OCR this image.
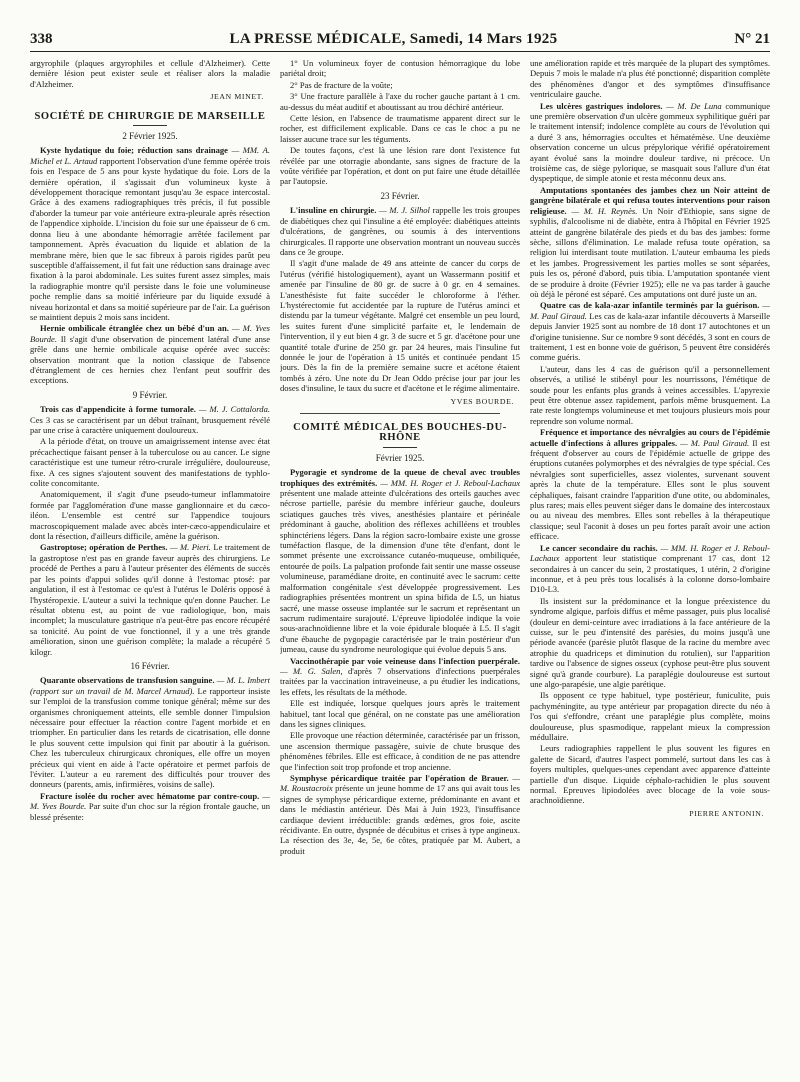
338	LA PRESSE MÉDICALE, Samedi, 14 Mars 1925	N° 21

argyrophile (plaques argyrophiles et cellule d'Alzheimer). Cette dernière lésion peut exister seule et réaliser alors la maladie d'Alzheimer.

JEAN MINET.

SOCIÉTÉ DE CHIRURGIE DE MARSEILLE

2 Février 1925.

Kyste hydatique du foie; réduction sans drainage — MM. A. Michel et L. Artaud rapportent l'observation d'une femme opérée trois fois en l'espace de 5 ans pour kyste hydatique du foie. Lors de la dernière opération, il s'agissait d'un volumineux kyste à développement thoracique remontant jusqu'au 3e espace intercostal. Grâce à des examens radiographiques très précis, il fut possible d'aborder la tumeur par voie antérieure extra-pleurale après résection de l'appendice xiphoïde. L'incision du foie sur une épaisseur de 6 cm. donna lieu à une abondante hémorragie arrêtée facilement par tamponnement. Après évacuation du liquide et ablation de la membrane mère, bien que le sac fibreux à parois rigides parût peu susceptible d'affaissement, il fut fait une réduction sans drainage avec fixation à la paroi abdominale. Les suites furent assez simples, mais la radiographie montre qu'il persiste dans le foie une volumineuse poche remplie dans sa moitié inférieure par du liquide exsudé à niveau horizontal et dans sa moitié supérieure par de l'air. La guérison se maintient depuis 2 mois sans incident.

Hernie ombilicale étranglée chez un bébé d'un an. — M. Yves Bourde. Il s'agit d'une observation de pincement latéral d'une anse grêle dans une hernie ombilicale acquise opérée avec succès: observation montrant que la notion classique de l'absence d'étranglement de ces hernies chez l'enfant peut souffrir des exceptions.

9 Février.

Trois cas d'appendicite à forme tumorale. — M. J. Cottalorda. Ces 3 cas se caractérisent par un début traînant, brusquement révélé par une crise à caractère uniquement douloureux.

A la période d'état, on trouve un amaigrissement intense avec état précachectique faisant penser à la tuberculose ou au cancer. Le signe caractéristique est une tumeur rétro-crurale irrégulière, douloureuse, fixe. A ces signes s'ajoutent souvent des manifestations de typhlo-colite concomitante.

Anatomiquement, il s'agit d'une pseudo-tumeur inflammatoire formée par l'agglomération d'une masse ganglionnaire et du cæco-iléon. L'ensemble est centré sur l'appendice toujours macroscopiquement malade avec abcès inter-cæco-appendiculaire et dont la résection, d'ailleurs difficile, amène la guérison.

Gastroptose; opération de Perthes. — M. Pieri. Le traitement de la gastroptose n'est pas en grande faveur auprès des chirurgiens. Le procédé de Perthes a paru à l'auteur présenter des éléments de succès par les points d'appui solides qu'il donne à l'estomac ptosé: par angulation, il est à l'estomac ce qu'est à l'utérus le Doléris opposé à l'hystéropexie. L'auteur a suivi la technique qu'en donne Paucher. Le résultat obtenu est, au point de vue radiologique, bon, mais incomplet; la musculature gastrique n'a peut-être pas encore récupéré sa tonicité. Au point de vue fonctionnel, il y a une très grande amélioration, sinon une guérison complète; la malade a récupéré 5 kilogr.

16 Février.

Quarante observations de transfusion sanguine. — M. L. Imbert (rapport sur un travail de M. Marcel Arnaud). Le rapporteur insiste sur l'emploi de la transfusion comme tonique général; même sur des organismes chroniquement atteints, elle semble donner l'impulsion nécessaire pour effectuer la réaction contre l'agent morbide et en triompher. En particulier dans les retards de cicatrisation, elle donne le plus souvent cette impulsion qui finit par aboutir à la guérison. Chez les tuberculeux chirurgicaux chroniques, elle offre un moyen précieux qui vient en aide à l'acte opératoire et permet parfois de l'éviter. L'auteur a eu rarement des difficultés pour trouver des donneurs (parents, amis, infirmières, voisins de salle).

Fracture isolée du rocher avec hématome par contre-coup. — M. Yves Bourde. Par suite d'un choc sur la région frontale gauche, un blessé présente:

1° Un volumineux foyer de contusion hémorragique du lobe pariétal droit;
2° Pas de fracture de la voûte;
3° Une fracture parallèle à l'axe du rocher gauche partant à 1 cm. au-dessus du méat auditif et aboutissant au trou déchiré antérieur.

Cette lésion, en l'absence de traumatisme apparent direct sur le rocher, est difficilement explicable. Dans ce cas le choc a pu ne laisser aucune trace sur les téguments.

De toutes façons, c'est là une lésion rare dont l'existence fut révélée par une otorragie abondante, sans signes de fracture de la voûte vérifiée par l'opération, et dont on put faire une étude détaillée par l'autopsie.

23 Février.

L'insuline en chirurgie. — M. J. Silhol rappelle les trois groupes de diabétiques chez qui l'insuline a été employée: diabétiques atteints d'ulcérations, de gangrènes, ou soumis à des interventions chirurgicales. Il rapporte une observation montrant un nouveau succès dans ce 3e groupe.

Il s'agit d'une malade de 49 ans atteinte de cancer du corps de l'utérus (vérifié histologiquement), ayant un Wassermann positif et amenée par l'insuline de 80 gr. de sucre à 0 gr. en 4 semaines. L'anesthésiste fut faite succéder le chloroforme à l'éther. L'hystérectomie fut accidentée par la rupture de l'utérus aminci et distendu par la tumeur végétante. Malgré cet ensemble un peu lourd, les suites furent d'une simplicité parfaite et, le lendemain de l'intervention, il y eut bien 4 gr. 3 de sucre et 5 gr. d'acétone pour une quantité totale d'urine de 250 gr. par 24 heures, mais l'insuline fut donnée le jour de l'opération à 15 unités et continuée pendant 15 jours. Dès la fin de la première semaine sucre et acétone étaient tombés à zéro. Une note du Dr Jean Oddo précise jour par jour les doses d'insuline, le taux du sucre et d'acétone et le régime alimentaire.

YVES BOURDE.

COMITÉ MÉDICAL DES BOUCHES-DU-RHÔNE

Février 1925.

Pygoragie et syndrome de la queue de cheval avec troubles trophiques des extrémités. — MM. H. Roger et J. Reboul-Lachaux présentent une malade atteinte d'ulcérations des orteils gauches avec nécrose partielle, parésie du membre inférieur gauche, douleurs sciatiques gauches très vives, anesthésies plantaire et périnéale prédominant à gauche, abolition des réflexes achilléens et troubles sphinctériens légers. Dans la région sacro-lombaire existe une grosse tuméfaction flasque, de la dimension d'une tête d'enfant, dont le sommet présente une excroissance cutanéo-muqueuse, ombiliquée, entourée de poils. La palpation profonde fait sentir une masse osseuse volumineuse, paramédiane droite, en continuité avec le sacrum: cette malformation congénitale s'est développée progressivement. Les radiographies présentées montrent un spina bifida de L5, un hiatus sacré, une masse osseuse implantée sur le sacrum et représentant un sacrum rudimentaire surajouté. L'épreuve lipiodolée indique la voie sous-arachnoïdienne libre et la voie épidurale bloquée à L5. Il s'agit d'une ébauche de pygopagie caractérisée par le train postérieur d'un jumeau, cause du syndrome neurologique qui évolue depuis 5 ans.

Vaccinothérapie par voie veineuse dans l'infection puerpérale. — M. G. Salen, d'après 7 observations d'infections puerpérales traitées par la vaccination intraveineuse, a pu étudier les indications, les effets, les résultats de la méthode.

Elle est indiquée, lorsque quelques jours après le traitement habituel, tant local que général, on ne constate pas une amélioration dans les signes cliniques.

Elle provoque une réaction déterminée, caractérisée par un frisson, une ascension thermique passagère, suivie de chute brusque des phénomènes fébriles. Elle est efficace, à condition de ne pas attendre que l'infection soit trop profonde et trop ancienne.

Symphyse péricardique traitée par l'opération de Brauer. — M. Roustacroix présente un jeune homme de 17 ans qui avait tous les signes de symphyse péricardique externe, prédominante en avant et dans le médiastin antérieur. Dès Mai à Juin 1923, l'insuffisance cardiaque devient irréductible: grands œdèmes, gros foie, ascite récidivante. En outre, dyspnée de décubitus et crises à type angineux. La résection des 3e, 4e, 5e, 6e côtes, pratiquée par M. Aubert, a produit

une amélioration rapide et très marquée de la plupart des symptômes. Depuis 7 mois le malade n'a plus été ponctionné; disparition complète des phénomènes d'angor et des symptômes d'insuffisance ventriculaire gauche.

Les ulcères gastriques indolores. — M. De Luna communique une première observation d'un ulcère gommeux syphilitique guéri par le traitement intensif; indolence complète au cours de l'évolution qui a duré 3 ans, hémorragies occultes et hématémèse. Une deuxième observation concerne un ulcus prépylorique vérifié opératoirement ayant évolué sans la moindre douleur tardive, ni précoce. Un troisième cas, de siège pylorique, se masquait sous l'allure d'un état dyspeptique, de simple atonie et resta méconnu deux ans.

Amputations spontanées des jambes chez un Noir atteint de gangrène bilatérale et qui refusa toutes interventions pour raison religieuse. — M. H. Reynès. Un Noir d'Ethiopie, sans signe de syphilis, d'alcoolisme ni de diabète, entra à l'hôpital en Février 1925 atteint de gangrène bilatérale des pieds et du bas des jambes: forme sèche, sillons d'élimination. Le malade refusa toute opération, sa religion lui interdisant toute mutilation. L'auteur embauma les pieds et les jambes. Progressivement les parties molles se sont séparées, puis les os, péroné d'abord, puis tibia. L'amputation spontanée vient de se produire à droite (Février 1925); elle ne va pas tarder à gauche où déjà le péroné est séparé. Ces amputations ont duré juste un an.

Quatre cas de kala-azar infantile terminés par la guérison. — M. Paul Giraud. Les cas de kala-azar infantile découverts à Marseille depuis Janvier 1925 sont au nombre de 18 dont 17 autochtones et un d'origine tunisienne. Sur ce nombre 9 sont décédés, 3 sont en cours de traitement, 1 est en bonne voie de guérison, 5 peuvent être considérés comme guéris.

L'auteur, dans les 4 cas de guérison qu'il a personnellement observés, a utilisé le stibényl pour les nourrissons, l'émétique de soude pour les enfants plus grands à veines accessibles. L'apyrexie peut être obtenue assez rapidement, parfois même brusquement. La rate reste longtemps volumineuse et met toujours plusieurs mois pour reprendre son volume normal.

Fréquence et importance des névralgies au cours de l'épidémie actuelle d'infections à allures grippales. — M. Paul Giraud. Il est fréquent d'observer au cours de l'épidémie actuelle de grippe des éruptions cutanées polymorphes et des névralgies de type spécial. Ces névralgies sont superficielles, assez violentes, survenant souvent après la chute de la température. Elles sont le plus souvent céphaliques, faisant craindre l'apparition d'une otite, ou abdominales, plus rares; mais elles peuvent siéger dans le domaine des intercostaux ou au niveau des membres. Elles sont rebelles à la thérapeutique classique; seul l'aconit à doses un peu fortes paraît avoir une action efficace.

Le cancer secondaire du rachis. — MM. H. Roger et J. Reboul-Lachaux apportent leur statistique comprenant 17 cas, dont 12 secondaires à un cancer du sein, 2 prostatiques, 1 utérin, 2 d'origine inconnue, et à peu près tous localisés à la colonne dorso-lombaire D10-L3.

Ils insistent sur la prédominance et la longue préexistence du syndrome algique, parfois diffus et même passager, puis plus localisé (douleur en demi-ceinture avec irradiations à la face antérieure de la cuisse, sur le peu d'intensité des parésies, du moins jusqu'à une période avancée (parésie plutôt flasque de la racine du membre avec atrophie du quadriceps et diminution du rotulien), sur l'apparition tardive ou l'absence de signes osseux (cyphose peut-être plus souvent signé qu'à grande courbure). La paraplégie douloureuse est surtout une algo-parapésie, une algie parétique.

Ils opposent ce type habituel, type postérieur, funiculite, puis pachyméningite, au type antérieur par propagation directe du néo à l'os qui s'effondre, créant une paraplégie plus complète, moins douloureuse, plus spasmodique, rappelant mieux la compression médullaire.

Leurs radiographies rappellent le plus souvent les figures en galette de Sicard, d'autres l'aspect pommelé, surtout dans les cas à foyers multiples, quelques-unes cependant avec apparence d'atteinte partielle d'un disque. Liquide céphalo-rachidien le plus souvent normal. Epreuves lipiodolées avec blocage de la voie sous-arachnoïdienne.

PIERRE ANTONIN.
